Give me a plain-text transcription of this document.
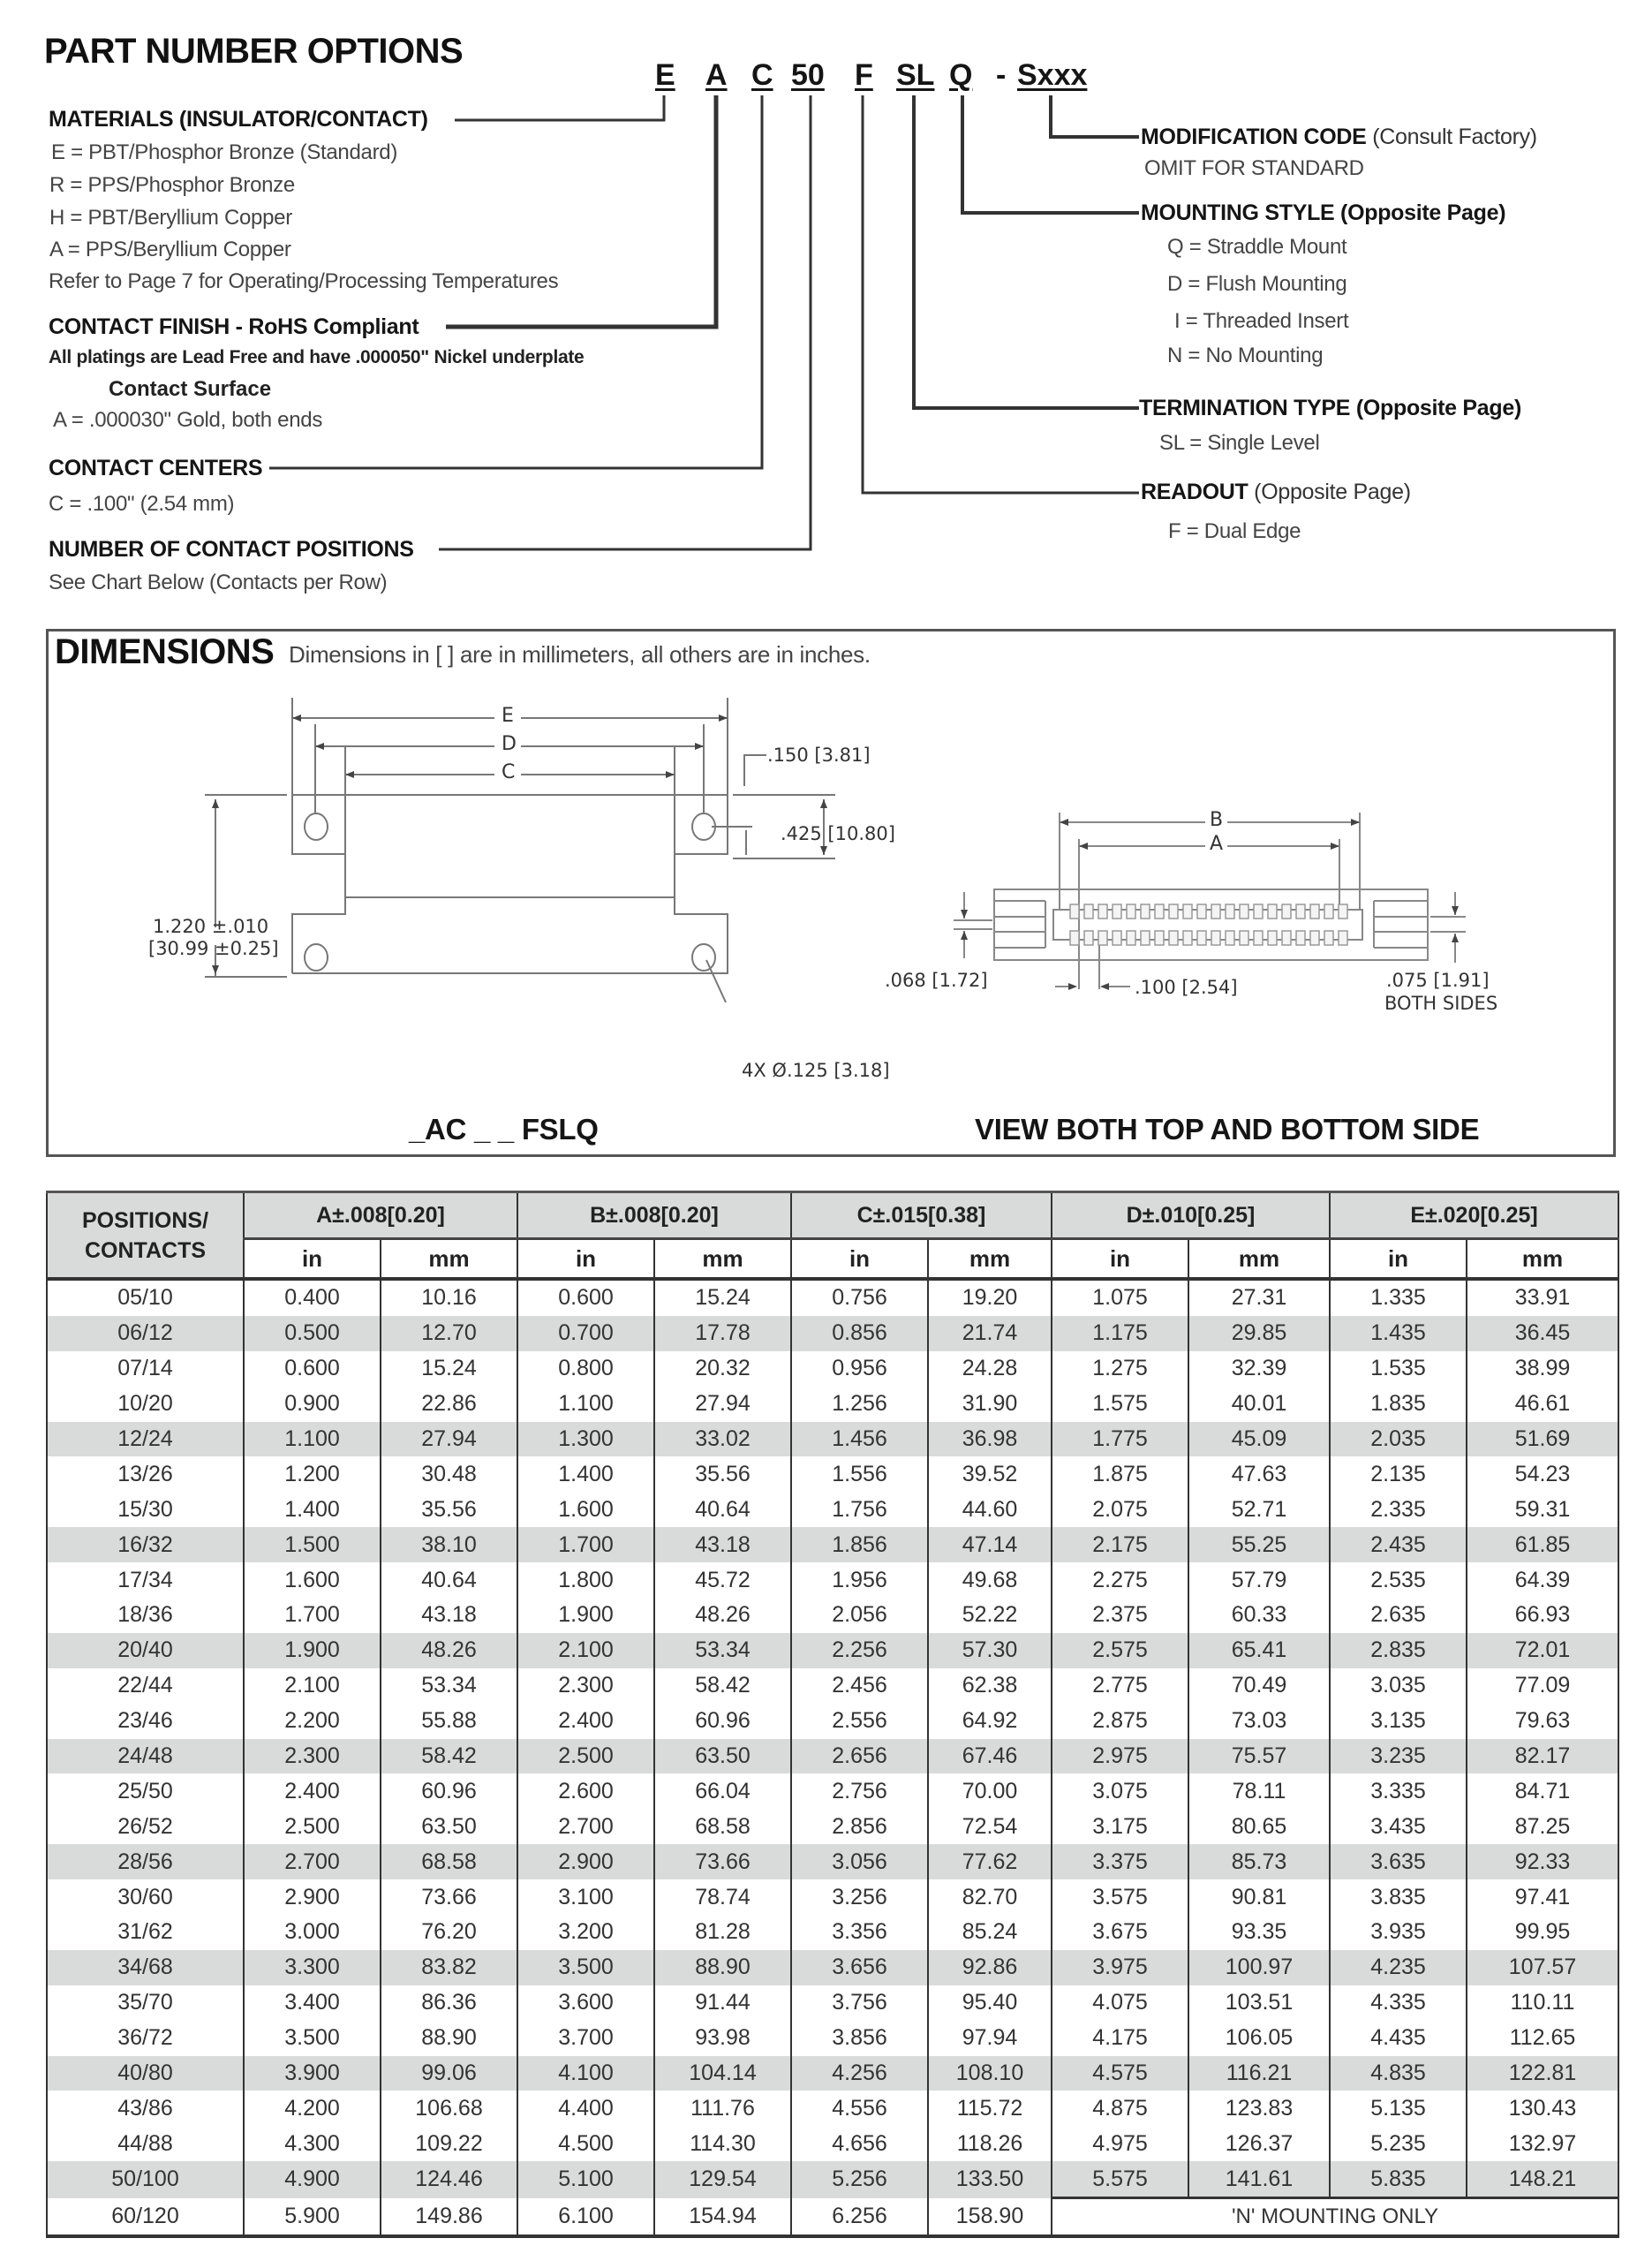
PART NUMBER OPTIONS
E A C 50 F SL Q - Sxxx
MATERIALS (INSULATOR/CONTACT)
E = PBT/Phosphor Bronze (Standard)
R = PPS/Phosphor Bronze
H = PBT/Beryllium Copper
A = PPS/Beryllium Copper
Refer to Page 7 for Operating/Processing Temperatures
CONTACT FINISH - RoHS Compliant
All platings are Lead Free and have .000050" Nickel underplate
Contact Surface
A = .000030" Gold, both ends
CONTACT CENTERS
C = .100" (2.54 mm)
NUMBER OF CONTACT POSITIONS
See Chart Below (Contacts per Row)
MODIFICATION CODE (Consult Factory)
OMIT FOR STANDARD
MOUNTING STYLE (Opposite Page)
Q = Straddle Mount
D = Flush Mounting
I = Threaded Insert
N = No Mounting
TERMINATION TYPE (Opposite Page)
SL = Single Level
READOUT (Opposite Page)
F = Dual Edge
DIMENSIONS Dimensions in [ ] are in millimeters, all others are in inches.
E
D
C
.150 [3.81]
.425 [10.80]
1.220 ±.010
[30.99 ±0.25]
4X Ø.125 [3.18]
_AC _ _ FSLQ
B
A
.068 [1.72]	.100 [2.54]	.075 [1.91]
BOTH SIDES
VIEW BOTH TOP AND BOTTOM SIDE
POSITIONS/
CONTACTS	A±.008[0.20]		B±.008[0.20]		C±.015[0.38]		D±.010[0.25]		E±.020[0.25]	
	in	mm	in	mm	in	mm	in	mm	in	mm
05/10	0.400	10.16	0.600	15.24	0.756	19.20	1.075	27.31	1.335	33.91
06/12	0.500	12.70	0.700	17.78	0.856	21.74	1.175	29.85	1.435	36.45
07/14	0.600	15.24	0.800	20.32	0.956	24.28	1.275	32.39	1.535	38.99
10/20	0.900	22.86	1.100	27.94	1.256	31.90	1.575	40.01	1.835	46.61
12/24	1.100	27.94	1.300	33.02	1.456	36.98	1.775	45.09	2.035	51.69
13/26	1.200	30.48	1.400	35.56	1.556	39.52	1.875	47.63	2.135	54.23
15/30	1.400	35.56	1.600	40.64	1.756	44.60	2.075	52.71	2.335	59.31
16/32	1.500	38.10	1.700	43.18	1.856	47.14	2.175	55.25	2.435	61.85
17/34	1.600	40.64	1.800	45.72	1.956	49.68	2.275	57.79	2.535	64.39
18/36	1.700	43.18	1.900	48.26	2.056	52.22	2.375	60.33	2.635	66.93
20/40	1.900	48.26	2.100	53.34	2.256	57.30	2.575	65.41	2.835	72.01
22/44	2.100	53.34	2.300	58.42	2.456	62.38	2.775	70.49	3.035	77.09
23/46	2.200	55.88	2.400	60.96	2.556	64.92	2.875	73.03	3.135	79.63
24/48	2.300	58.42	2.500	63.50	2.656	67.46	2.975	75.57	3.235	82.17
25/50	2.400	60.96	2.600	66.04	2.756	70.00	3.075	78.11	3.335	84.71
26/52	2.500	63.50	2.700	68.58	2.856	72.54	3.175	80.65	3.435	87.25
28/56	2.700	68.58	2.900	73.66	3.056	77.62	3.375	85.73	3.635	92.33
30/60	2.900	73.66	3.100	78.74	3.256	82.70	3.575	90.81	3.835	97.41
31/62	3.000	76.20	3.200	81.28	3.356	85.24	3.675	93.35	3.935	99.95
34/68	3.300	83.82	3.500	88.90	3.656	92.86	3.975	100.97	4.235	107.57
35/70	3.400	86.36	3.600	91.44	3.756	95.40	4.075	103.51	4.335	110.11
36/72	3.500	88.90	3.700	93.98	3.856	97.94	4.175	106.05	4.435	112.65
40/80	3.900	99.06	4.100	104.14	4.256	108.10	4.575	116.21	4.835	122.81
43/86	4.200	106.68	4.400	111.76	4.556	115.72	4.875	123.83	5.135	130.43
44/88	4.300	109.22	4.500	114.30	4.656	118.26	4.975	126.37	5.235	132.97
50/100	4.900	124.46	5.100	129.54	5.256	133.50	5.575	141.61	5.835	148.21
60/120	5.900	149.86	6.100	154.94	6.256	158.90	'N' MOUNTING ONLY			
